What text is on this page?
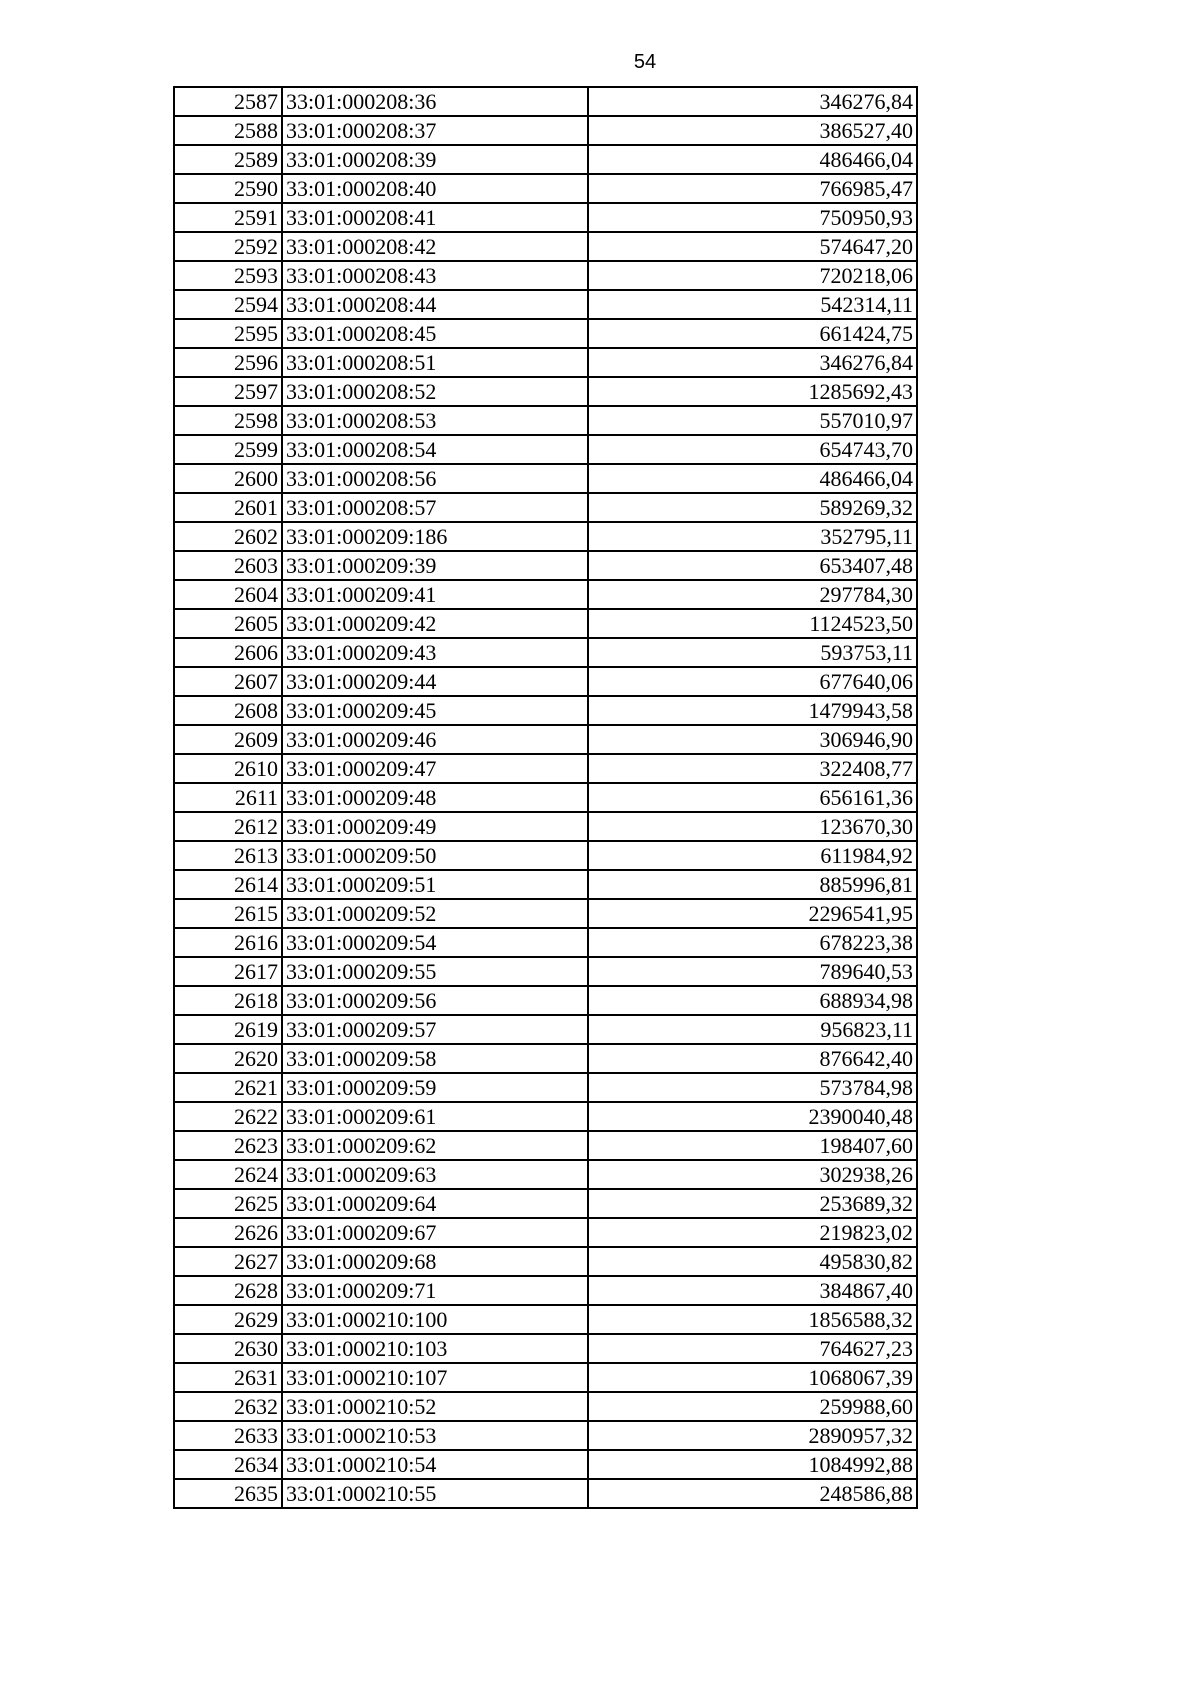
54
2587	33:01:000208:36	346276,84
2588	33:01:000208:37	386527,40
2589	33:01:000208:39	486466,04
2590	33:01:000208:40	766985,47
2591	33:01:000208:41	750950,93
2592	33:01:000208:42	574647,20
2593	33:01:000208:43	720218,06
2594	33:01:000208:44	542314,11
2595	33:01:000208:45	661424,75
2596	33:01:000208:51	346276,84
2597	33:01:000208:52	1285692,43
2598	33:01:000208:53	557010,97
2599	33:01:000208:54	654743,70
2600	33:01:000208:56	486466,04
2601	33:01:000208:57	589269,32
2602	33:01:000209:186	352795,11
2603	33:01:000209:39	653407,48
2604	33:01:000209:41	297784,30
2605	33:01:000209:42	1124523,50
2606	33:01:000209:43	593753,11
2607	33:01:000209:44	677640,06
2608	33:01:000209:45	1479943,58
2609	33:01:000209:46	306946,90
2610	33:01:000209:47	322408,77
2611	33:01:000209:48	656161,36
2612	33:01:000209:49	123670,30
2613	33:01:000209:50	611984,92
2614	33:01:000209:51	885996,81
2615	33:01:000209:52	2296541,95
2616	33:01:000209:54	678223,38
2617	33:01:000209:55	789640,53
2618	33:01:000209:56	688934,98
2619	33:01:000209:57	956823,11
2620	33:01:000209:58	876642,40
2621	33:01:000209:59	573784,98
2622	33:01:000209:61	2390040,48
2623	33:01:000209:62	198407,60
2624	33:01:000209:63	302938,26
2625	33:01:000209:64	253689,32
2626	33:01:000209:67	219823,02
2627	33:01:000209:68	495830,82
2628	33:01:000209:71	384867,40
2629	33:01:000210:100	1856588,32
2630	33:01:000210:103	764627,23
2631	33:01:000210:107	1068067,39
2632	33:01:000210:52	259988,60
2633	33:01:000210:53	2890957,32
2634	33:01:000210:54	1084992,88
2635	33:01:000210:55	248586,88
